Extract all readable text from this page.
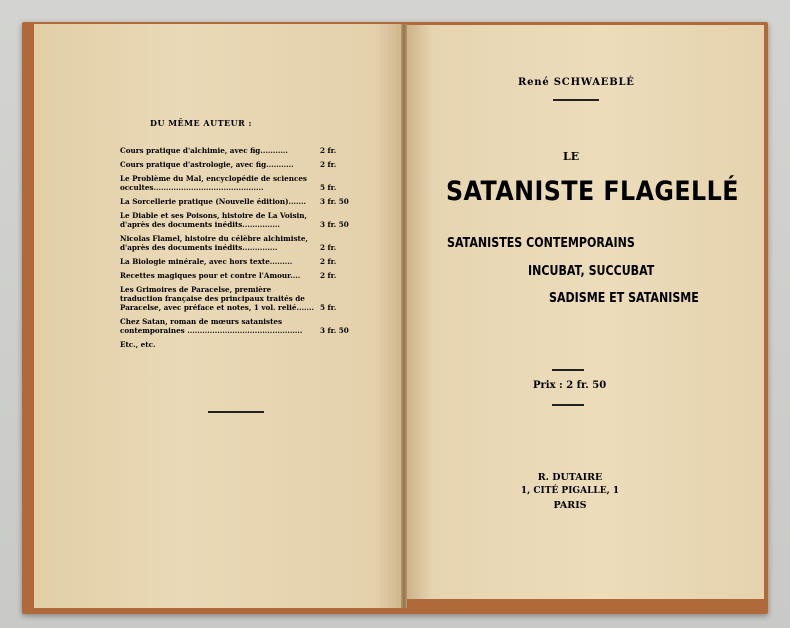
DU MÊME AUTEUR :
Cours pratique d'alchimie, avec fig...........	2 fr.
Cours pratique d'astrologie, avec fig...........	2 fr.
Le Problème du Mal, encyclopédie de sciences occultes............................................	5 fr.
La Sorcellerie pratique (Nouvelle édition)....... 3 fr. 50
Le Diable et ses Poisons, histoire de La Voisin, d'après des documents inédits...............	3 fr. 50
Nicolas Flamel, histoire du célèbre alchimiste, d'après des documents inédits..............	2 fr.
La Biologie minérale, avec hors texte.........	2 fr.
Recettes magiques pour et contre l'Amour....	2 fr.
Les Grimoires de Paracelse, première traduction française des principaux traités de Paracelse, avec préface et notes, 1 vol. relié....... 5 fr.
Chez Satan, roman de mœurs satanistes contemporaines .............................................. 3 fr. 50
Etc., etc.
René SCHWAEBLÉ
LE
SATANISTE FLAGELLÉ
SATANISTES CONTEMPORAINS
INCUBAT, SUCCUBAT
SADISME ET SATANISME
Prix : 2 fr. 50
R. DUTAIRE
1, CITÉ PIGALLE, 1
PARIS
